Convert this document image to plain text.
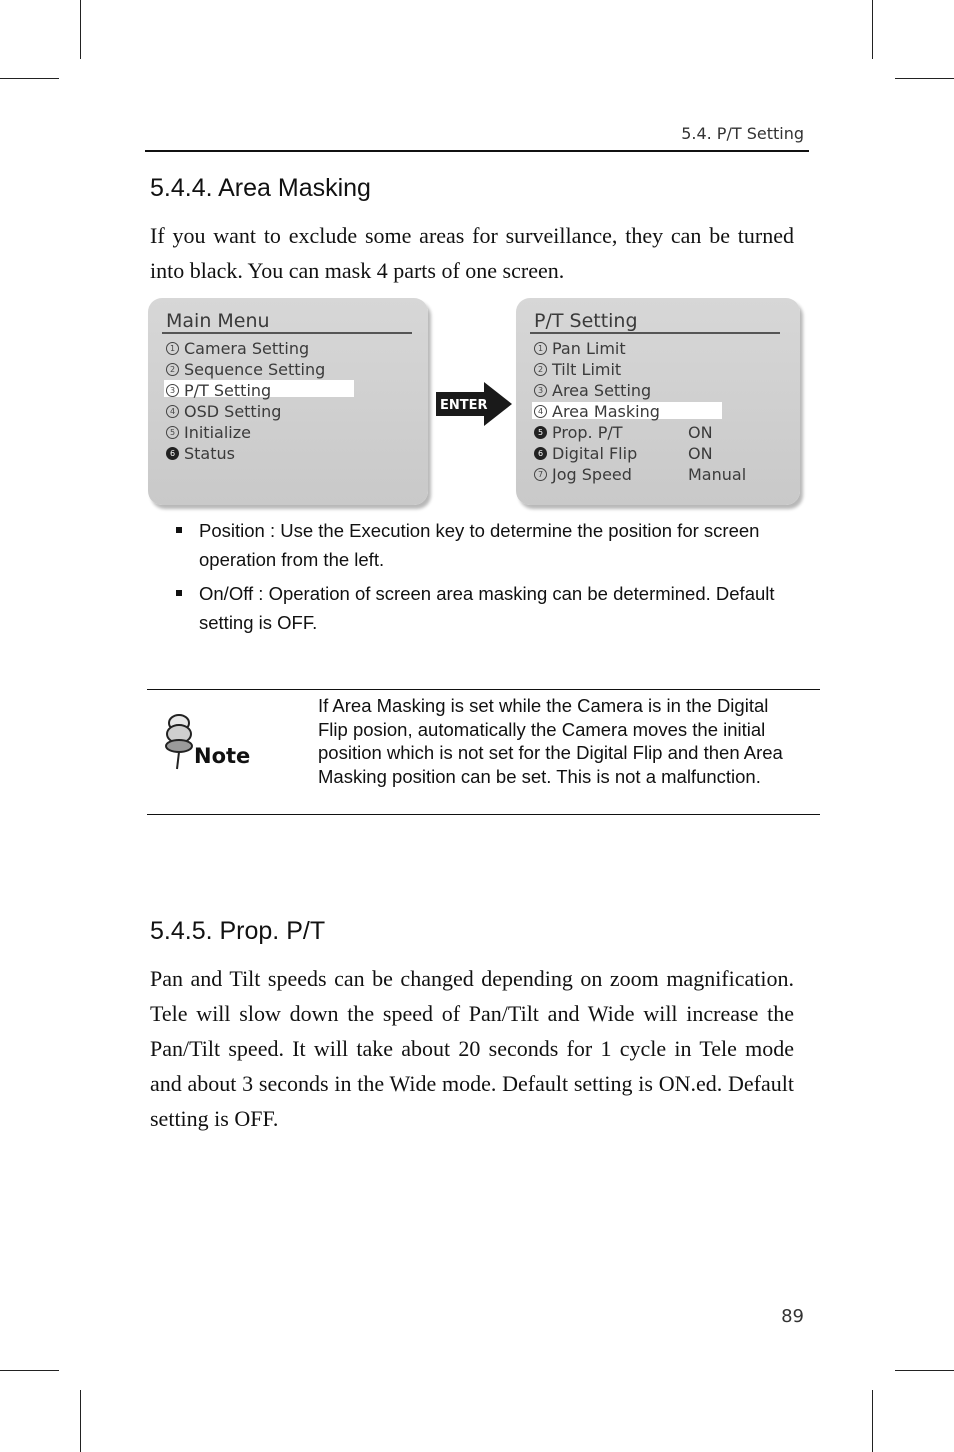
5.4. P/T Setting
5.4.4. Area Masking
If you want to exclude some areas for surveillance, they can be turned into black. You can mask 4 parts of one screen.
Main Menu
1 Camera Setting
2 Sequence Setting
3 P/T Setting
4 OSD Setting
5 Initialize
6 Status
ENTER
P/T Setting
1 Pan Limit
2 Tilt Limit
3 Area Setting
4 Area Masking
5 Prop. P/T	ON
6 Digital Flip	ON
7 Jog Speed	Manual
Position : Use the Execution key to determine the position for screen operation from the left.
On/Off : Operation of screen area masking can be determined. Default setting is OFF.
Note
If Area Masking is set while the Camera is in the Digital Flip posion, automatically the Camera moves the initial position which is not set for the Digital Flip and then Area Masking position can be set. This is not a malfunction.
5.4.5. Prop. P/T
Pan and Tilt speeds can be changed depending on zoom magnification. Tele will slow down the speed of Pan/Tilt and Wide will increase the Pan/Tilt speed. It will take about 20 seconds for 1 cycle in Tele mode and about 3 seconds in the Wide mode. Default setting is ON.ed. Default setting is OFF.
89
